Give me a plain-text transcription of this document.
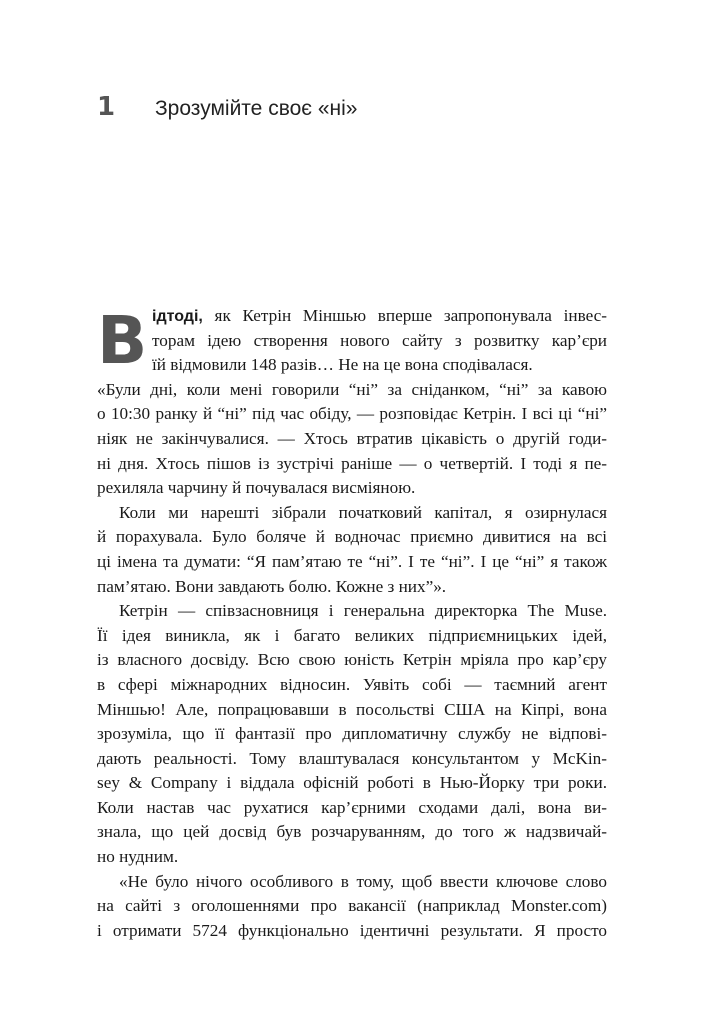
1	Зрозумійте своє «ні»
В ідтоді, як Кетрін Міншью вперше запропонувала інвес-
торам ідею створення нового сайту з розвитку кар’єри
їй відмовили 148 разів… Не на це вона сподівалася.
«Були дні, коли мені говорили “ні” за сніданком, “ні” за кавою
о 10:30 ранку й “ні” під час обіду, — розповідає Кетрін. І всі ці “ні”
ніяк не закінчувалися. — Хтось втратив цікавість о другій годи-
ні дня. Хтось пішов із зустрічі раніше — о четвертій. І тоді я пе-
рехиляла чарчину й почувалася висміяною.
Коли ми нарешті зібрали початковий капітал, я озирнулася
й порахувала. Було боляче й водночас приємно дивитися на всі
ці імена та думати: “Я пам’ятаю те “ні”. І те “ні”. І це “ні” я також
пам’ятаю. Вони завдають болю. Кожне з них”».
Кетрін — співзасновниця і генеральна директорка The Muse.
Її ідея виникла, як і багато великих підприємницьких ідей,
із власного досвіду. Всю свою юність Кетрін мріяла про кар’єру
в сфері міжнародних відносин. Уявіть собі — таємний агент
Міншью! Але, попрацювавши в посольстві США на Кіпрі, вона
зрозуміла, що її фантазії про дипломатичну службу не відпові-
дають реальності. Тому влаштувалася консультантом у McKin-
sey & Company і віддала офісній роботі в Нью-Йорку три роки.
Коли настав час рухатися кар’єрними сходами далі, вона ви-
знала, що цей досвід був розчаруванням, до того ж надзвичай-
но нудним.
«Не було нічого особливого в тому, щоб ввести ключове слово
на сайті з оголошеннями про вакансії (наприклад Monster.com)
і отримати 5724 функціонально ідентичні результати. Я просто
